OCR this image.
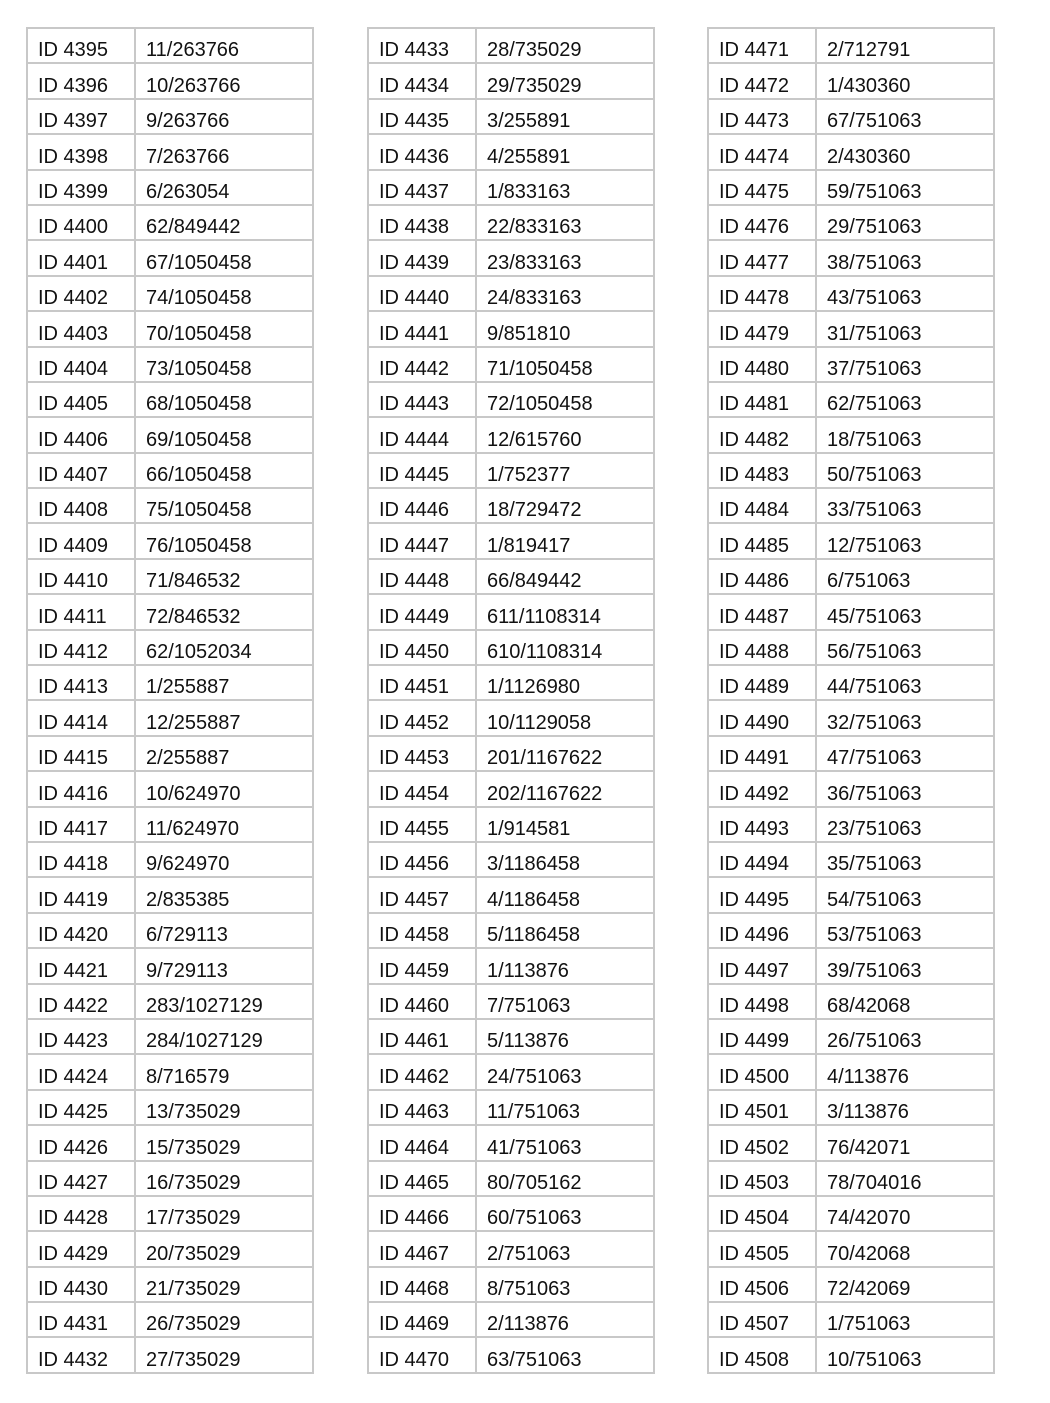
ID 4395	11/263766
ID 4396	10/263766
ID 4397	9/263766
ID 4398	7/263766
ID 4399	6/263054
ID 4400	62/849442
ID 4401	67/1050458
ID 4402	74/1050458
ID 4403	70/1050458
ID 4404	73/1050458
ID 4405	68/1050458
ID 4406	69/1050458
ID 4407	66/1050458
ID 4408	75/1050458
ID 4409	76/1050458
ID 4410	71/846532
ID 4411	72/846532
ID 4412	62/1052034
ID 4413	1/255887
ID 4414	12/255887
ID 4415	2/255887
ID 4416	10/624970
ID 4417	11/624970
ID 4418	9/624970
ID 4419	2/835385
ID 4420	6/729113
ID 4421	9/729113
ID 4422	283/1027129
ID 4423	284/1027129
ID 4424	8/716579
ID 4425	13/735029
ID 4426	15/735029
ID 4427	16/735029
ID 4428	17/735029
ID 4429	20/735029
ID 4430	21/735029
ID 4431	26/735029
ID 4432	27/735029
ID 4433	28/735029
ID 4434	29/735029
ID 4435	3/255891
ID 4436	4/255891
ID 4437	1/833163
ID 4438	22/833163
ID 4439	23/833163
ID 4440	24/833163
ID 4441	9/851810
ID 4442	71/1050458
ID 4443	72/1050458
ID 4444	12/615760
ID 4445	1/752377
ID 4446	18/729472
ID 4447	1/819417
ID 4448	66/849442
ID 4449	611/1108314
ID 4450	610/1108314
ID 4451	1/1126980
ID 4452	10/1129058
ID 4453	201/1167622
ID 4454	202/1167622
ID 4455	1/914581
ID 4456	3/1186458
ID 4457	4/1186458
ID 4458	5/1186458
ID 4459	1/113876
ID 4460	7/751063
ID 4461	5/113876
ID 4462	24/751063
ID 4463	11/751063
ID 4464	41/751063
ID 4465	80/705162
ID 4466	60/751063
ID 4467	2/751063
ID 4468	8/751063
ID 4469	2/113876
ID 4470	63/751063
ID 4471	2/712791
ID 4472	1/430360
ID 4473	67/751063
ID 4474	2/430360
ID 4475	59/751063
ID 4476	29/751063
ID 4477	38/751063
ID 4478	43/751063
ID 4479	31/751063
ID 4480	37/751063
ID 4481	62/751063
ID 4482	18/751063
ID 4483	50/751063
ID 4484	33/751063
ID 4485	12/751063
ID 4486	6/751063
ID 4487	45/751063
ID 4488	56/751063
ID 4489	44/751063
ID 4490	32/751063
ID 4491	47/751063
ID 4492	36/751063
ID 4493	23/751063
ID 4494	35/751063
ID 4495	54/751063
ID 4496	53/751063
ID 4497	39/751063
ID 4498	68/42068
ID 4499	26/751063
ID 4500	4/113876
ID 4501	3/113876
ID 4502	76/42071
ID 4503	78/704016
ID 4504	74/42070
ID 4505	70/42068
ID 4506	72/42069
ID 4507	1/751063
ID 4508	10/751063
